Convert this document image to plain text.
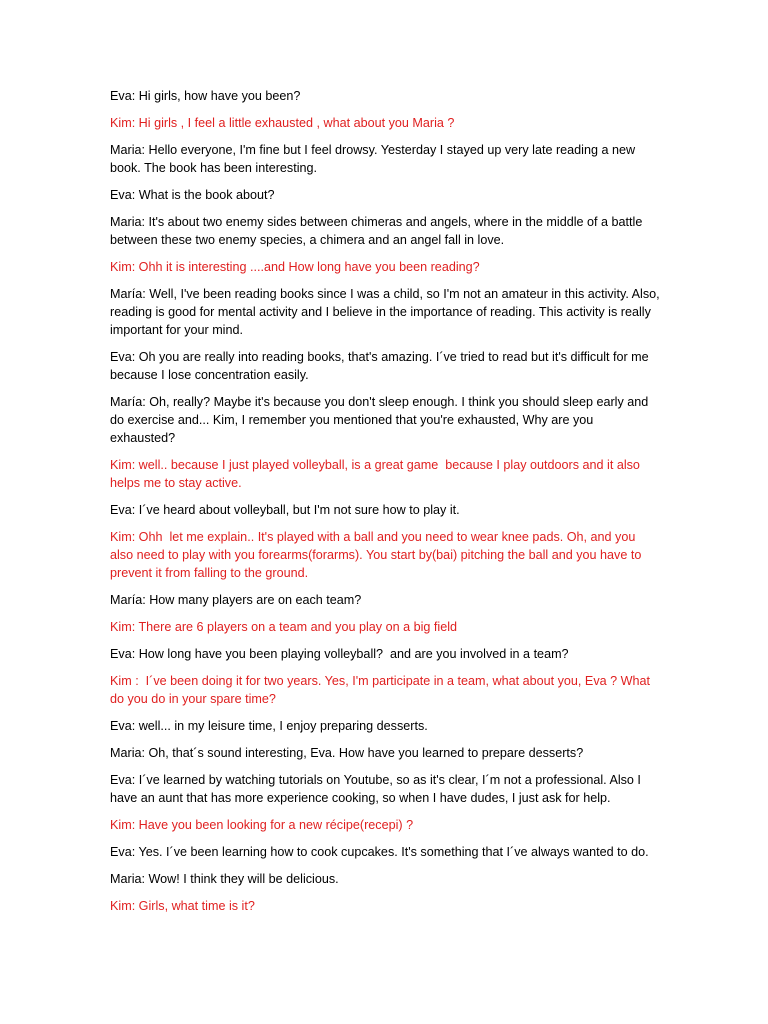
Eva: Hi girls, how have you been?
Kim: Hi girls , I feel a little exhausted , what about you Maria ?
Maria: Hello everyone, I'm fine but I feel drowsy. Yesterday I stayed up very late reading a new book. The book has been interesting.
Eva: What is the book about?
Maria: It's about two enemy sides between chimeras and angels, where in the middle of a battle between these two enemy species, a chimera and an angel fall in love.
Kim: Ohh it is interesting ....and How long have you been reading?
María: Well, I've been reading books since I was a child, so I'm not an amateur in this activity. Also, reading is good for mental activity and I believe in the importance of reading. This activity is really important for your mind.
Eva: Oh you are really into reading books, that's amazing. I´ve tried to read but it's difficult for me because I lose concentration easily.
María: Oh, really? Maybe it's because you don't sleep enough. I think you should sleep early and do exercise and... Kim, I remember you mentioned that you're exhausted, Why are you exhausted?
Kim: well.. because I just played volleyball, is a great game  because I play outdoors and it also helps me to stay active.
Eva: I´ve heard about volleyball, but I'm not sure how to play it.
Kim: Ohh  let me explain.. It's played with a ball and you need to wear knee pads. Oh, and you also need to play with you forearms(forarms). You start by(bai) pitching the ball and you have to prevent it from falling to the ground.
María: How many players are on each team?
Kim: There are 6 players on a team and you play on a big field
Eva: How long have you been playing volleyball?  and are you involved in a team?
Kim :  I´ve been doing it for two years. Yes, I'm participate in a team, what about you, Eva ? What do you do in your spare time?
Eva: well... in my leisure time, I enjoy preparing desserts.
Maria: Oh, that´s sound interesting, Eva. How have you learned to prepare desserts?
Eva: I´ve learned by watching tutorials on Youtube, so as it's clear, I´m not a professional. Also I have an aunt that has more experience cooking, so when I have dudes, I just ask for help.
Kim: Have you been looking for a new récipe(recepi) ?
Eva: Yes. I´ve been learning how to cook cupcakes. It's something that I´ve always wanted to do.
Maria: Wow! I think they will be delicious.
Kim: Girls, what time is it?
